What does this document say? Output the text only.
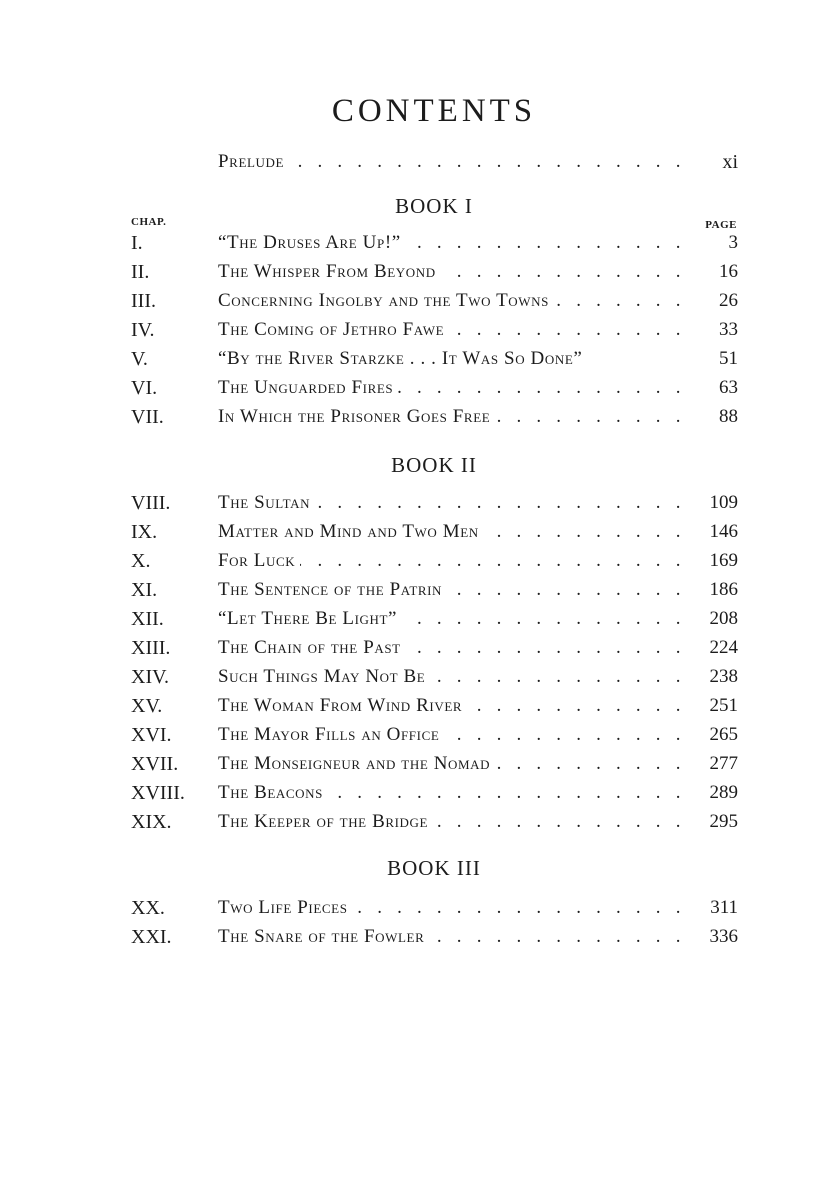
CONTENTS
. . .
Prelude	xi
BOOK I
CHAP.	PAGE
I. . . .	“The Druses Are Up!”	3
II. . . .	The Whisper From Beyond	16
III. . . .	Concerning Ingolby and the Two Towns	26
IV. . . .	The Coming of Jethro Fawe	33
V.	“By the River Starzke . . . It Was So Done”	51
VI. . . .	The Unguarded Fires	63
VII. . . .	In Which the Prisoner Goes Free	88
BOOK II
VIII. . . .	The Sultan	109
IX. . . .	Matter and Mind and Two Men	146
X. . . .	For Luck	169
XI. . . .	The Sentence of the Patrin	186
XII. . . .	“Let There Be Light”	208
XIII. . . .	The Chain of the Past	224
XIV. . . .	Such Things May Not Be	238
XV. . . .	The Woman From Wind River	251
XVI. . . . The Mayor Fills an Office	265
XVII. . . . The Monseigneur and the Nomad	277
XVIII. . . . The Beacons	289
XIX. . . . The Keeper of the Bridge	295
BOOK III
XX. . . .	Two Life Pieces	311
XXI. . . . The Snare of the Fowler	336
